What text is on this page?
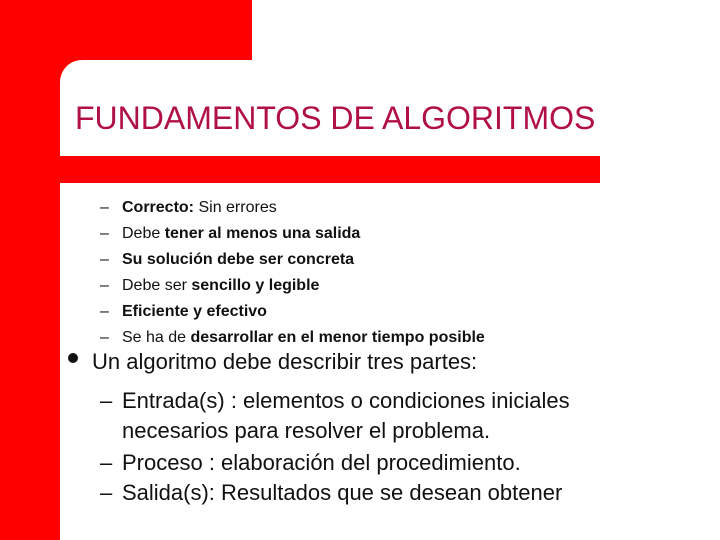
FUNDAMENTOS DE ALGORITMOS
– Correcto: Sin errores
– Debe tener al menos una salida
– Su solución debe ser concreta
– Debe ser sencillo y legible
– Eficiente y efectivo
– Se ha de desarrollar en el menor tiempo posible
Un algoritmo debe describir tres partes:
– Entrada(s) : elementos o condiciones iniciales
necesarios para resolver el problema.
– Proceso : elaboración del procedimiento.
– Salida(s): Resultados que se desean obtener
